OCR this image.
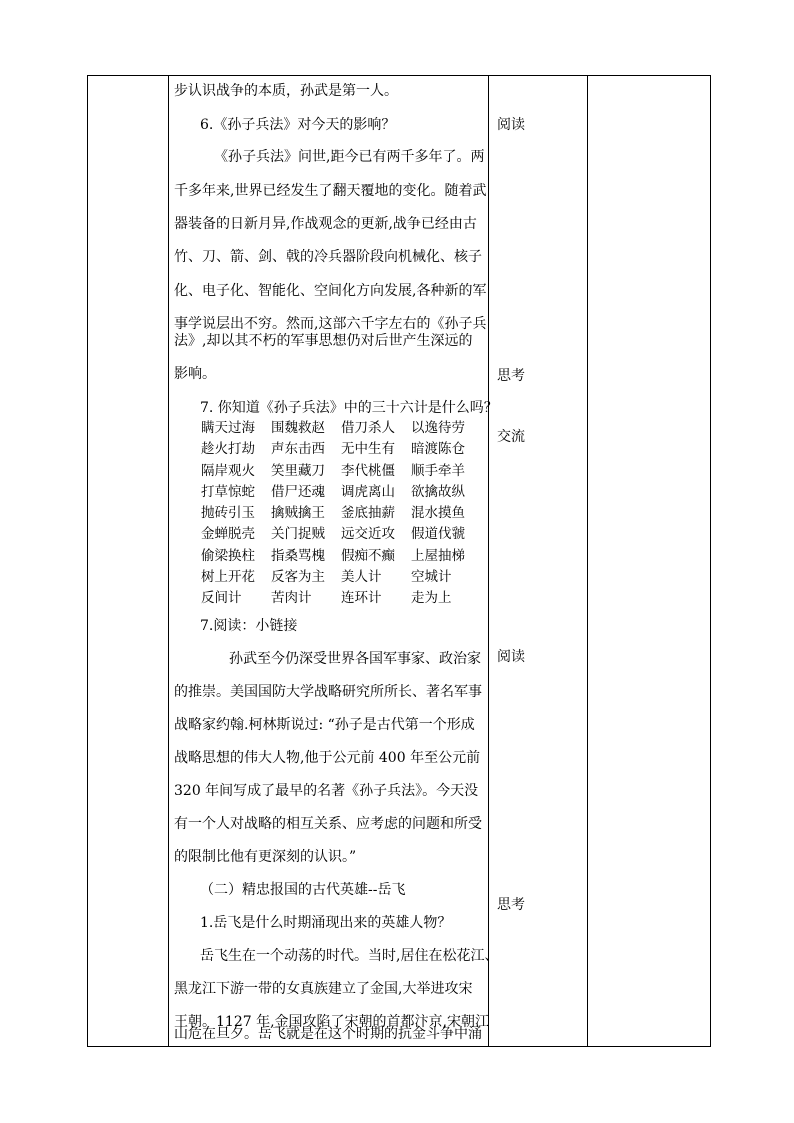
步认识战争的本质，孙武是第一人。
6.《孙子兵法》对今天的影响？
《孙子兵法》问世,距今已有两千多年了。两
千多年来,世界已经发生了翻天覆地的变化。随着武
器装备的日新月异,作战观念的更新,战争已经由古
竹、刀、箭、剑、戟的冷兵器阶段向机械化、核子
化、电子化、智能化、空间化方向发展,各种新的军
事学说层出不穷。然而,这部六千字左右的《孙子兵
法》,却以其不朽的军事思想仍对后世产生深远的
影响。
7. 你知道《孙子兵法》中的三十六计是什么吗？
瞒天过海	围魏救赵	借刀杀人	以逸待劳
趁火打劫	声东击西	无中生有	暗渡陈仓
隔岸观火	笑里藏刀	李代桃僵	顺手牵羊
打草惊蛇	借尸还魂	调虎离山	欲擒故纵
抛砖引玉	擒贼擒王	釜底抽薪	混水摸鱼
金蝉脱壳	关门捉贼	远交近攻	假道伐虢
偷梁换柱	指桑骂槐	假痴不癫	上屋抽梯
树上开花	反客为主	美人计	空城计
反间计	苦肉计	连环计	走为上
7.阅读：小链接
孙武至今仍深受世界各国军事家、政治家
的推崇。美国国防大学战略研究所所长、著名军事
战略家约翰.柯林斯说过: “孙子是古代第一个形成
战略思想的伟大人物,他于公元前 400 年至公元前
320 年间写成了最早的名著《孙子兵法》。今天没
有一个人对战略的相互关系、应考虑的问题和所受
的限制比他有更深刻的认识。”
（二）精忠报国的古代英雄--岳飞
1.岳飞是什么时期涌现出来的英雄人物？
岳飞生在一个动荡的时代。当时,居住在松花江、
黑龙江下游一带的女真族建立了金国,大举进攻宋
王朝。1127 年,金国攻陷了宋朝的首都汴京,宋朝江
山危在旦夕。岳飞就是在这个时期的抗金斗争中涌

阅读
思考
交流
阅读
思考
